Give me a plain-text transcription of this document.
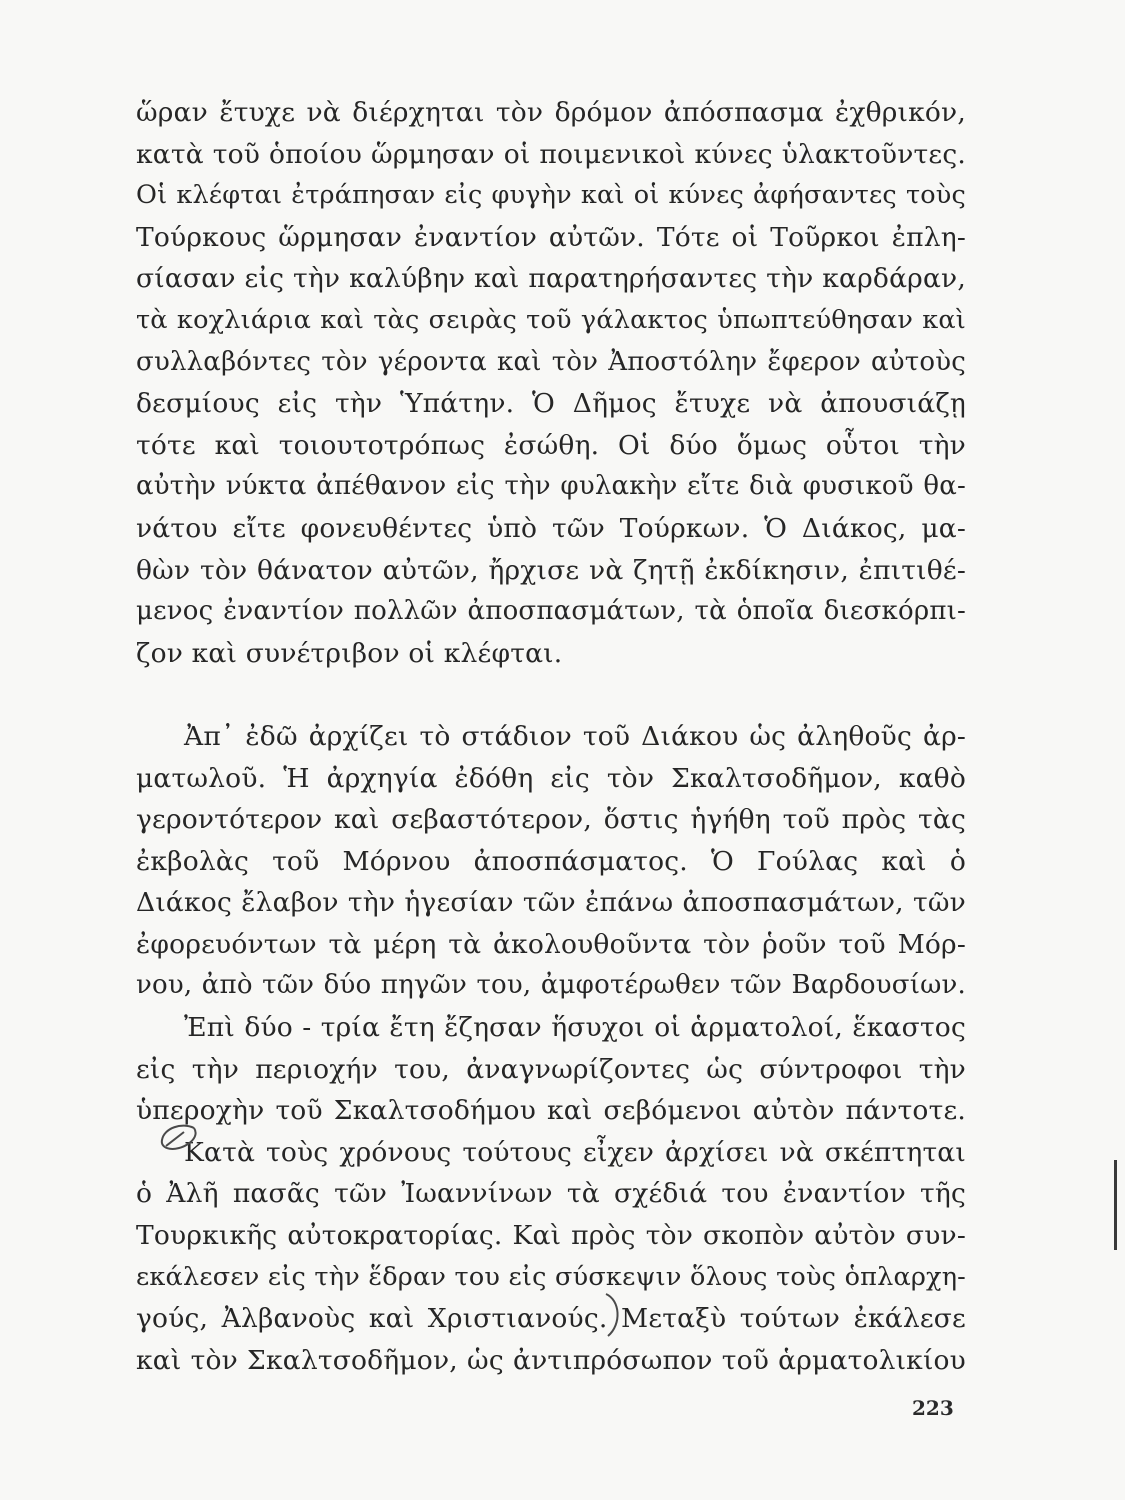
ὥραν ἔτυχε νὰ διέρχηται τὸν δρόμον ἀπόσπασμα ἐχθρικόν,
κατὰ τοῦ ὁποίου ὥρμησαν οἱ ποιμενικοὶ κύνες ὑλακτοῦντες.
Οἱ κλέφται ἐτράπησαν εἰς φυγὴν καὶ οἱ κύνες ἀφήσαντες τοὺς
Τούρκους ὥρμησαν ἐναντίον αὐτῶν. Τότε οἱ Τοῦρκοι ἐπλη-
σίασαν εἰς τὴν καλύβην καὶ παρατηρήσαντες τὴν καρδάραν,
τὰ κοχλιάρια καὶ τὰς σειρὰς τοῦ γάλακτος ὑπωπτεύθησαν καὶ
συλλαβόντες τὸν γέροντα καὶ τὸν Ἀποστόλην ἔφερον αὐτοὺς
δεσμίους εἰς τὴν Ὑπάτην. Ὁ Δῆμος ἔτυχε νὰ ἀπουσιάζῃ
τότε καὶ τοιουτοτρόπως ἐσώθη. Οἱ δύο ὅμως οὗτοι τὴν
αὐτὴν νύκτα ἀπέθανον εἰς τὴν φυλακὴν εἴτε διὰ φυσικοῦ θα-
νάτου εἴτε φονευθέντες ὑπὸ τῶν Τούρκων. Ὁ Διάκος, μα-
θὼν τὸν θάνατον αὐτῶν, ἤρχισε νὰ ζητῇ ἐκδίκησιν, ἐπιτιθέ-
μενος ἐναντίον πολλῶν ἀποσπασμάτων, τὰ ὁποῖα διεσκόρπι-
ζον καὶ συνέτριβον οἱ κλέφται.
Ἀπ᾽ ἐδῶ ἀρχίζει τὸ στάδιον τοῦ Διάκου ὡς ἀληθοῦς ἀρ-
ματωλοῦ. Ἡ ἀρχηγία ἐδόθη εἰς τὸν Σκαλτσοδῆμον, καθὸ
γεροντότερον καὶ σεβαστότερον, ὅστις ἡγήθη τοῦ πρὸς τὰς
ἐκβολὰς τοῦ Μόρνου ἀποσπάσματος. Ὁ Γούλας καὶ ὁ
Διάκος ἔλαβον τὴν ἡγεσίαν τῶν ἐπάνω ἀποσπασμάτων, τῶν
ἐφορευόντων τὰ μέρη τὰ ἀκολουθοῦντα τὸν ῥοῦν τοῦ Μόρ-
νου, ἀπὸ τῶν δύο πηγῶν του, ἀμφοτέρωθεν τῶν Βαρδουσίων.
Ἐπὶ δύο - τρία ἔτη ἔζησαν ἥσυχοι οἱ ἁρματολοί, ἕκαστος
εἰς τὴν περιοχήν του, ἀναγνωρίζοντες ὡς σύντροφοι τὴν
ὑπεροχὴν τοῦ Σκαλτσοδήμου καὶ σεβόμενοι αὐτὸν πάντοτε.
Κατὰ τοὺς χρόνους τούτους εἶχεν ἀρχίσει νὰ σκέπτηται
ὁ Ἀλῆ πασᾶς τῶν Ἰωαννίνων τὰ σχέδιά του ἐναντίον τῆς
Τουρκικῆς αὐτοκρατορίας. Καὶ πρὸς τὸν σκοπὸν αὐτὸν συν-
εκάλεσεν εἰς τὴν ἕδραν του εἰς σύσκεψιν ὅλους τοὺς ὁπλαρχη-
γούς, Ἀλβανοὺς καὶ Χριστιανούς. Μεταξὺ τούτων ἐκάλεσε
καὶ τὸν Σκαλτσοδῆμον, ὡς ἀντιπρόσωπον τοῦ ἁρματολικίου
223
